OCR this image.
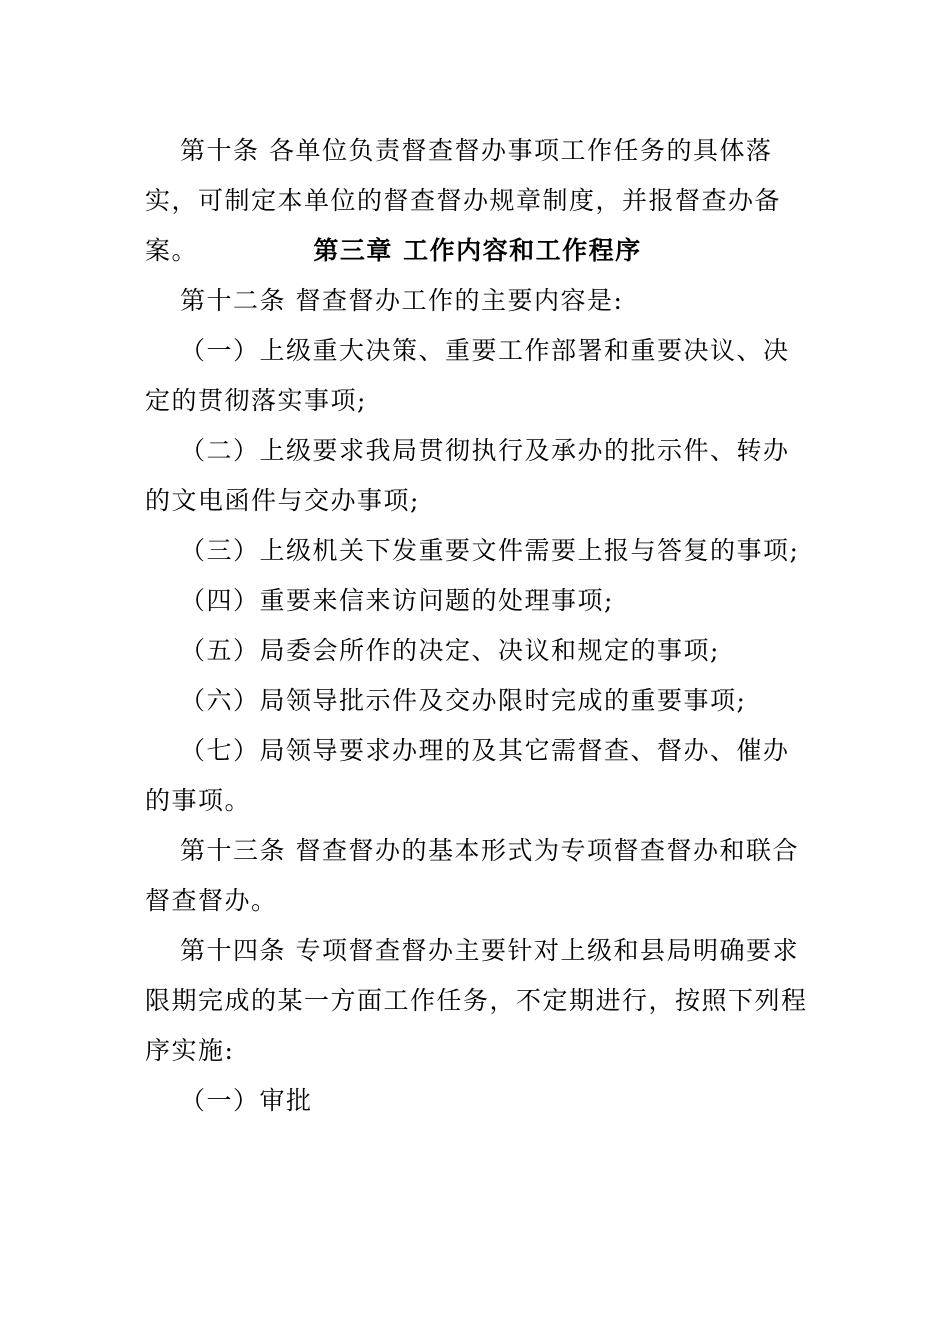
第十条 各单位负责督查督办事项工作任务的具体落实，可制定本单位的督查督办规章制度，并报督查办备案。	第三章 工作内容和工作程序

第十二条 督查督办工作的主要内容是:

（一）上级重大决策、重要工作部署和重要决议、决定的贯彻落实事项;

（二）上级要求我局贯彻执行及承办的批示件、转办的文电函件与交办事项;

（三）上级机关下发重要文件需要上报与答复的事项;

（四）重要来信来访问题的处理事项;

（五）局委会所作的决定、决议和规定的事项;

（六）局领导批示件及交办限时完成的重要事项;

（七）局领导要求办理的及其它需督查、督办、催办的事项。

第十三条 督查督办的基本形式为专项督查督办和联合督查督办。

第十四条 专项督查督办主要针对上级和县局明确要求限期完成的某一方面工作任务，不定期进行，按照下列程序实施:

（一）审批
